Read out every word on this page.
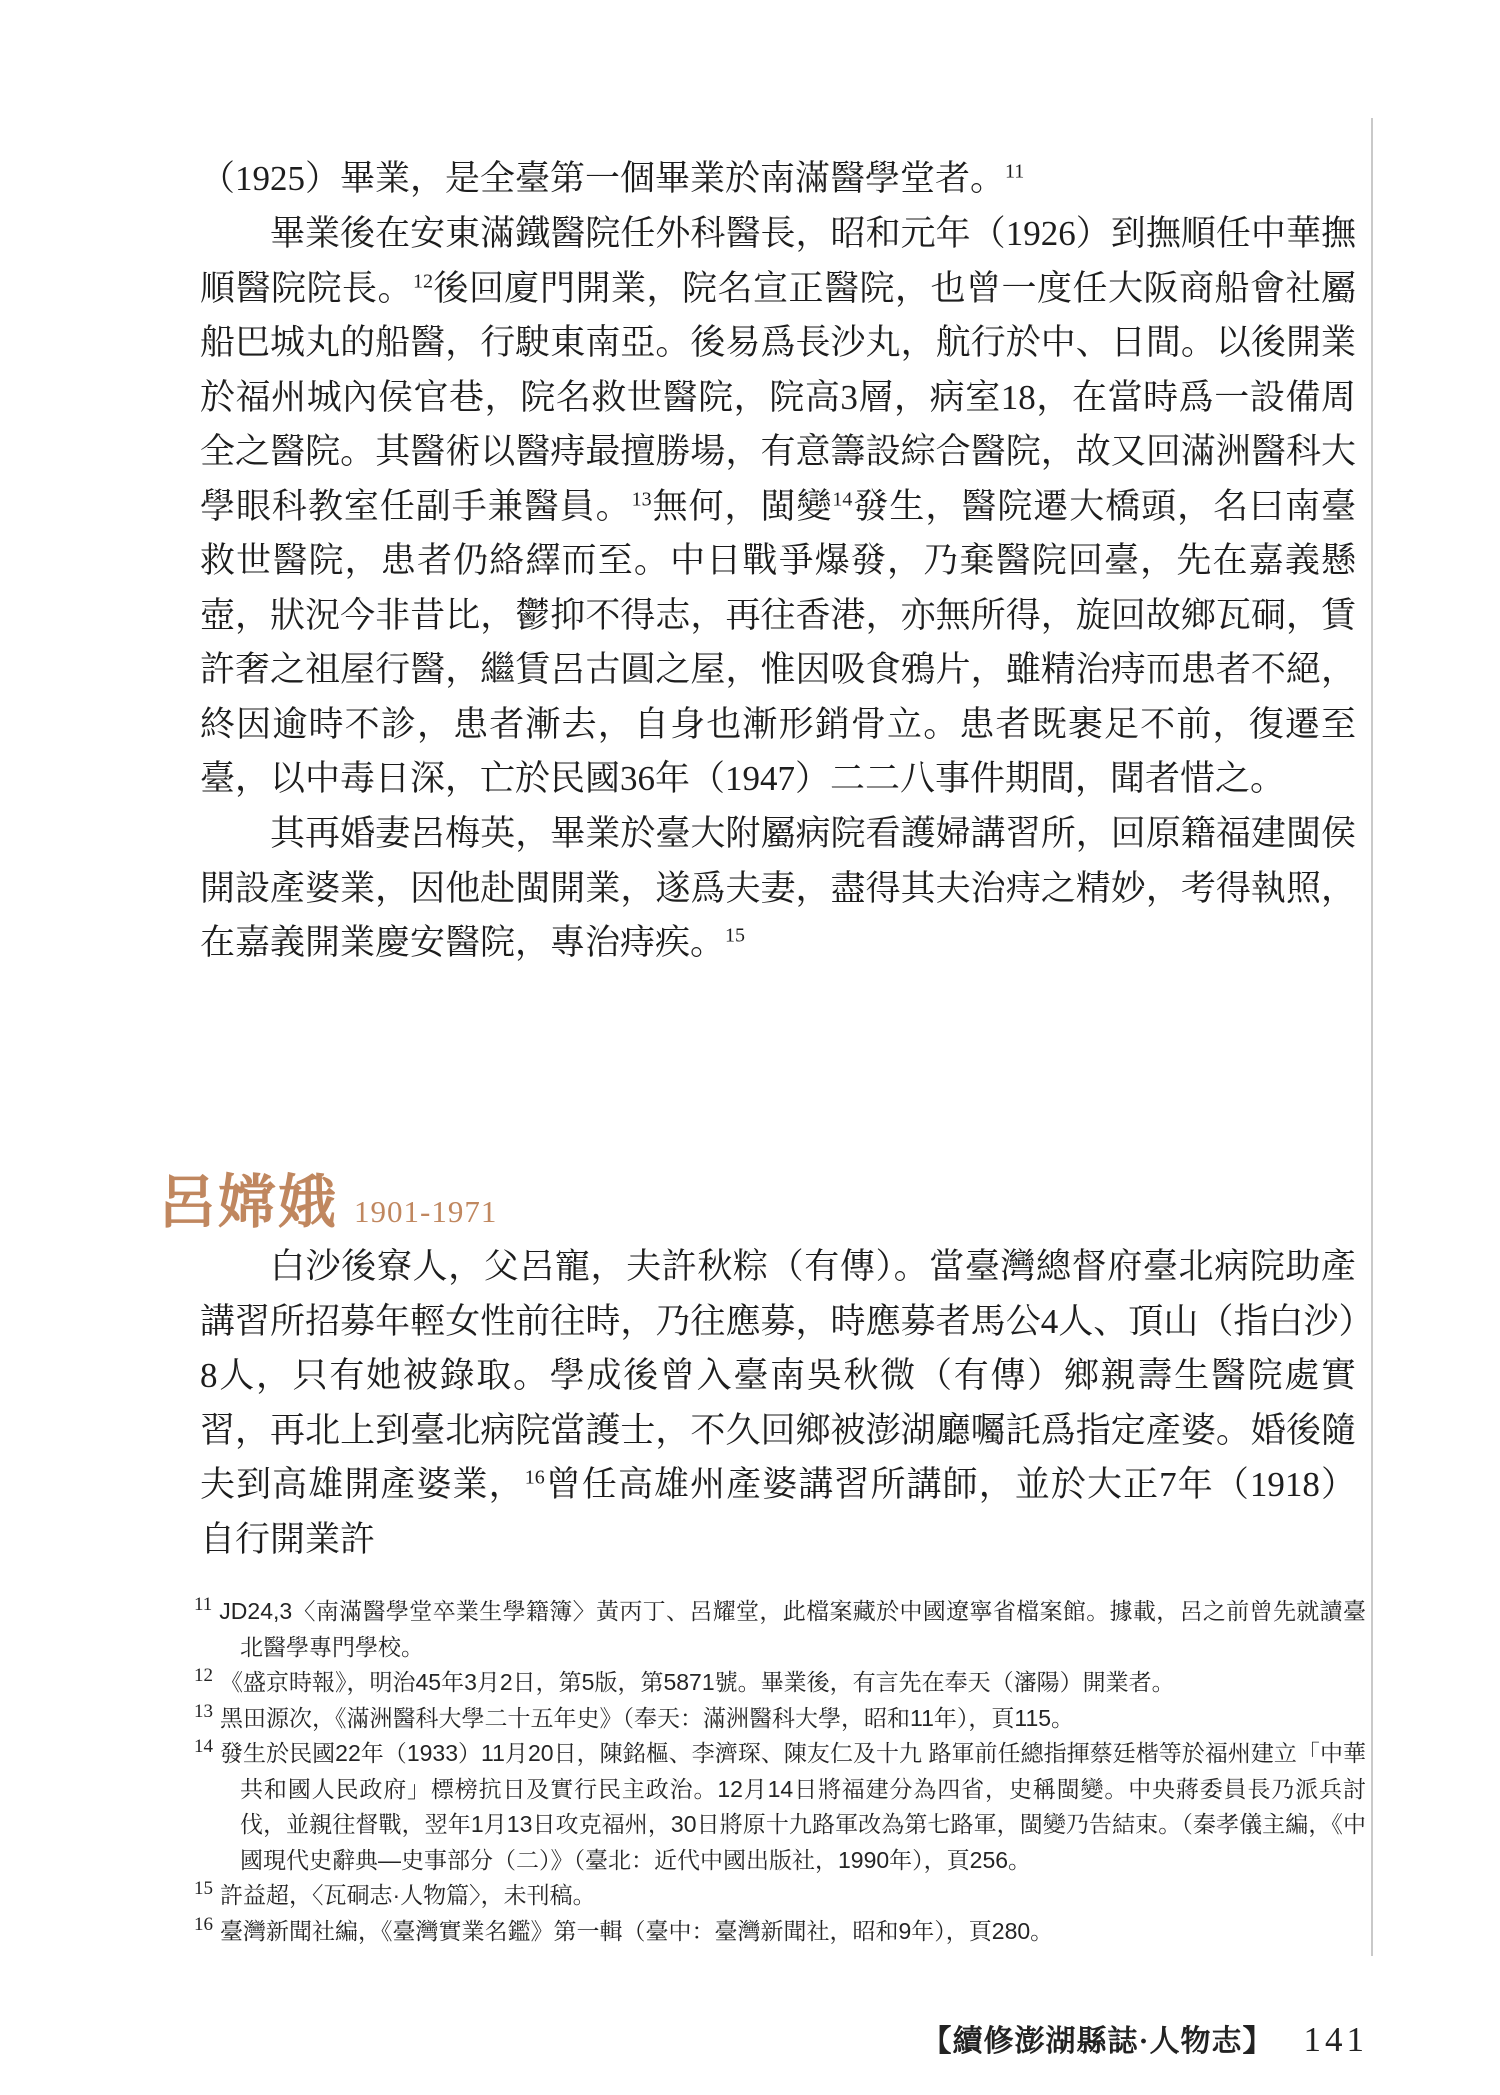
（1925）畢業，是全臺第一個畢業於南滿醫學堂者。$^{11}$
畢業後在安東滿鐵醫院任外科醫長，昭和元年（1926）到撫順任中華撫順醫院院長。$^{12}$後回廈門開業，院名宣正醫院，也曾一度任大阪商船會社屬船巴城丸的船醫，行駛東南亞。後易爲長沙丸，航行於中、日間。以後開業於福州城內侯官巷，院名救世醫院，院高3層，病室18，在當時爲一設備周全之醫院。其醫術以醫痔最擅勝場，有意籌設綜合醫院，故又回滿洲醫科大學眼科教室任副手兼醫員。$^{13}$無何，閩變$^{14}$發生，醫院遷大橋頭，名曰南臺救世醫院，患者仍絡繹而至。中日戰爭爆發，乃棄醫院回臺，先在嘉義懸壺，狀況今非昔比，鬱抑不得志，再往香港，亦無所得，旋回故鄉瓦硐，賃許奢之祖屋行醫，繼賃呂古圓之屋，惟因吸食鴉片，雖精治痔而患者不絕，終因逾時不診，患者漸去，自身也漸形銷骨立。患者既裹足不前，復遷至臺，以中毒日深，亡於民國36年（1947）二二八事件期間，聞者惜之。
其再婚妻呂梅英，畢業於臺大附屬病院看護婦講習所，回原籍福建閩侯開設產婆業，因他赴閩開業，遂爲夫妻，盡得其夫治痔之精妙，考得執照，在嘉義開業慶安醫院，專治痔疾。$^{15}$
呂嫦娥 1901-1971
白沙後寮人，父呂寵，夫許秋粽（有傳）。當臺灣總督府臺北病院助產講習所招募年輕女性前往時，乃往應募，時應募者馬公4人、頂山（指白沙）8人，只有她被錄取。學成後曾入臺南吳秋微（有傳）鄉親壽生醫院處實習，再北上到臺北病院當護士，不久回鄉被澎湖廳囑託爲指定產婆。婚後隨夫到高雄開產婆業，$^{16}$曾任高雄州產婆講習所講師，並於大正7年（1918）自行開業許
$^{11}$ JD24,3〈南滿醫學堂卒業生學籍簿〉黃丙丁、呂耀堂，此檔案藏於中國遼寧省檔案館。據載，呂之前曾先就讀臺北醫學專門學校。
$^{12}$ 《盛京時報》，明治45年3月2日，第5版，第5871號。畢業後，有言先在奉天（瀋陽）開業者。
$^{13}$ 黑田源次，《滿洲醫科大學二十五年史》（奉天：滿洲醫科大學，昭和11年），頁115。
$^{14}$ 發生於民國22年（1933）11月20日，陳銘樞、李濟琛、陳友仁及十九 路軍前任總指揮蔡廷楷等於福州建立「中華共和國人民政府」標榜抗日及實行民主政治。12月14日將福建分為四省，史稱閩變。中央蔣委員長乃派兵討伐，並親往督戰，翌年1月13日攻克福州，30日將原十九路軍改為第七路軍，閩變乃告結束。（秦孝儀主編，《中國現代史辭典—史事部分（二）》（臺北：近代中國出版社，1990年），頁256。
$^{15}$ 許益超，〈瓦硐志·人物篇〉，未刊稿。
$^{16}$ 臺灣新聞社編，《臺灣實業名鑑》第一輯（臺中：臺灣新聞社，昭和9年），頁280。
【續修澎湖縣誌·人物志】 141
